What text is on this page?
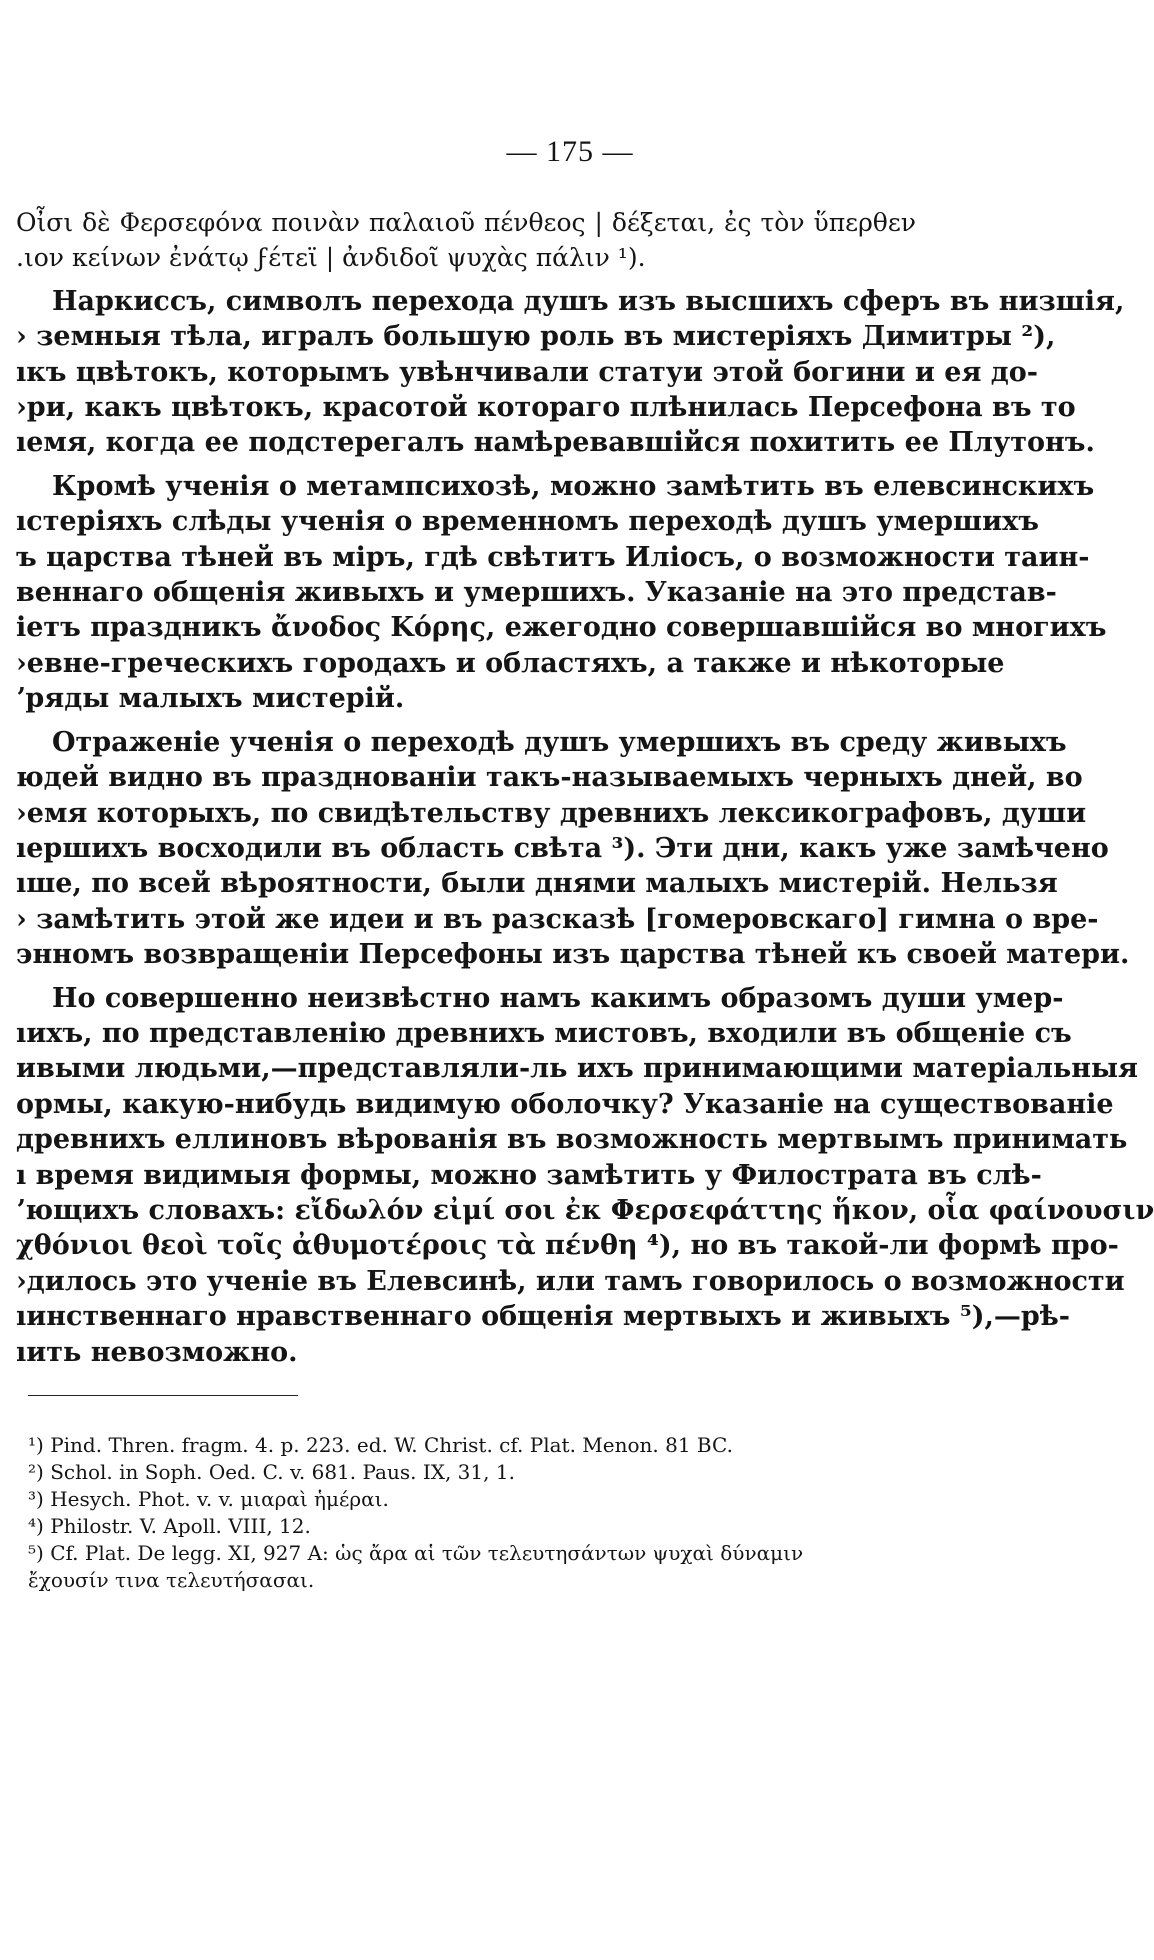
— 175 —
Οἶσι δὲ Φερσεφόνα ποινὰν παλαιοῦ πένθεος | δέξεται, ἐς τὸν ὕπερθεν
.ιον κείνων ἐνάτῳ ϝέτεϊ | ἀνδιδοῖ ψυχὰς πάλιν ¹).
Наркиссъ, символъ перехода душъ изъ высшихъ сферъ въ низшія,
› земныя тѣла, игралъ большую роль въ мистеріяхъ Димитры ²),
ıкъ цвѣтокъ, которымъ увѣнчивали статуи этой богини и ея до-
›ри, какъ цвѣтокъ, красотой котораго плѣнилась Персефона въ то
ıемя, когда ее подстерегалъ намѣревавшійся похитить ее Плутонъ.
Кромѣ ученія о метампсихозѣ, можно замѣтить въ елевсинскихъ
ıстеріяхъ слѣды ученія о временномъ переходѣ душъ умершихъ
ъ царства тѣней въ міръ, гдѣ свѣтитъ Иліосъ, о возможности таин-
веннаго общенія живыхъ и умершихъ. Указаніе на это представ-
іетъ праздникъ ἄνοδος Κόρης, ежегодно совершавшійся во многихъ
›евне-греческихъ городахъ и областяхъ, а также и нѣкоторые
ʼряды малыхъ мистерій.
Отраженіе ученія о переходѣ душъ умершихъ въ среду живыхъ
юдей видно въ празднованіи такъ-называемыхъ черныхъ дней, во
›емя которыхъ, по свидѣтельству древнихъ лексикографовъ, души
ıершихъ восходили въ область свѣта ³). Эти дни, какъ уже замѣчено
ıше, по всей вѣроятности, были днями малыхъ мистерій. Нельзя
› замѣтить этой же идеи и въ разсказѣ [гомеровскаго] гимна о вре-
энномъ возвращеніи Персефоны изъ царства тѣней къ своей матери.
Но совершенно неизвѣстно намъ какимъ образомъ души умер-
ıихъ, по представленію древнихъ мистовъ, входили въ общеніе съ
ивыми людьми,—представляли-ль ихъ принимающими матеріальныя
ормы, какую-нибудь видимую оболочку? Указаніе на существованіе
древнихъ еллиновъ вѣрованія въ возможность мертвымъ принимать
ı время видимыя формы, можно замѣтить у Филострата въ слѣ-
ʼющихъ словахъ: εἴδωλόν εἰμί σοι ἐκ Φερσεφάττης ἥκον, οἷα φαίνουσιν
χθόνιοι θεοὶ τοῖς ἀθυμοτέροις τὰ πένθη ⁴), но въ такой-ли формѣ про-
›дилось это ученіе въ Елевсинѣ, или тамъ говорилось о возможности
ıинственнаго нравственнаго общенія мертвыхъ и живыхъ ⁵),—рѣ-
ıить невозможно.
¹) Pind. Thren. fragm. 4. p. 223. ed. W. Christ. cf. Plat. Menon. 81 BC.
²) Schol. in Soph. Oed. C. v. 681. Paus. IX, 31, 1.
³) Hesych. Phot. v. v. μιαραὶ ἡμέραι.
⁴) Philostr. V. Apoll. VIII, 12.
⁵) Cf. Plat. De legg. XI, 927 A: ὡς ἄρα αἱ τῶν τελευτησάντων ψυχαὶ δύναμιν
ἔχουσίν τινα τελευτήσασαι.
